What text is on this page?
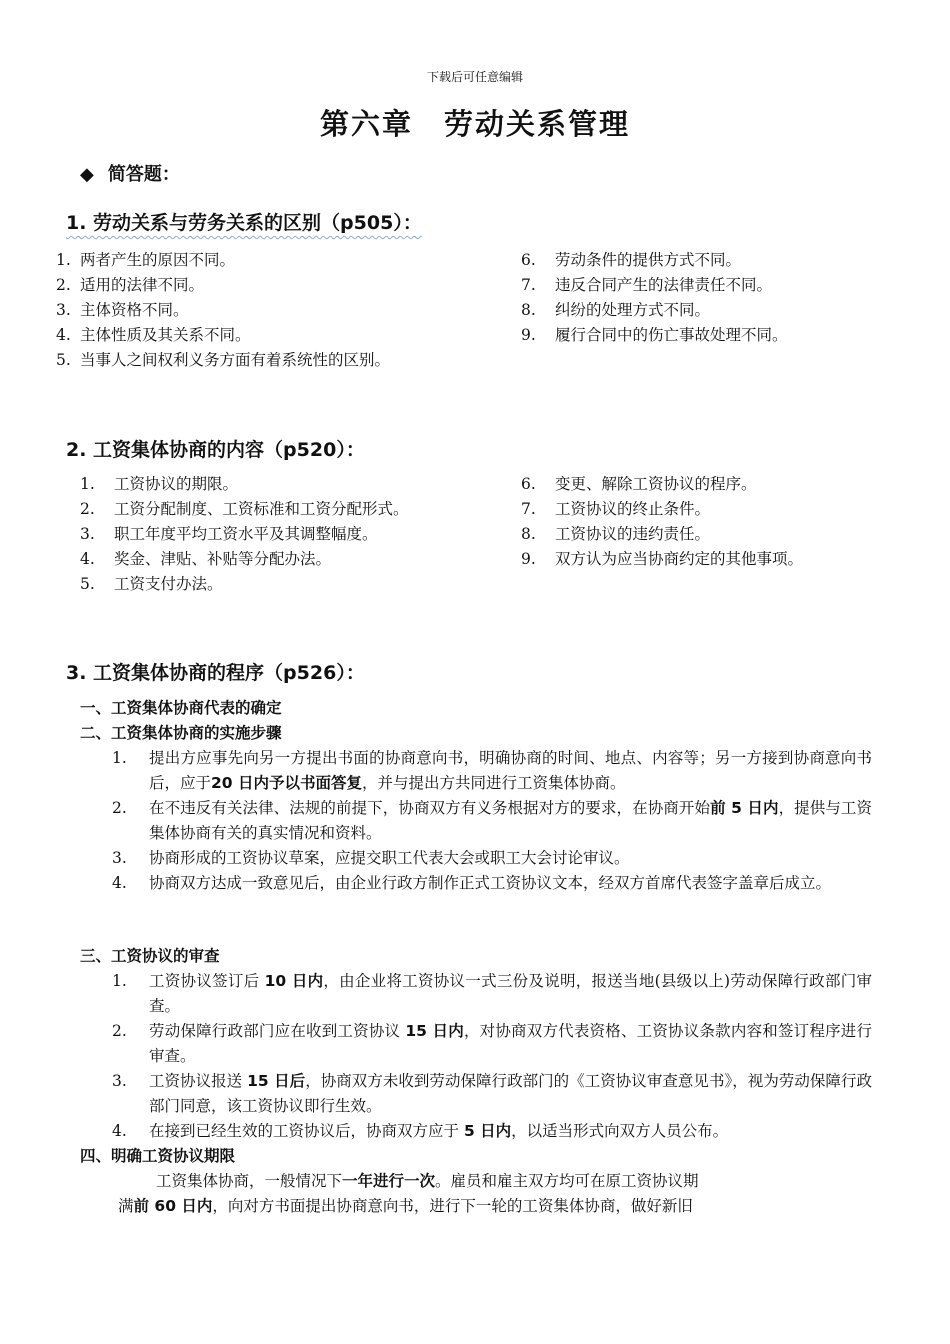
下载后可任意编辑
第六章　劳动关系管理
◆ 简答题：
1. 劳动关系与劳务关系的区别（p505）：
1. 两者产生的原因不同。
2. 适用的法律不同。
3. 主体资格不同。
4. 主体性质及其关系不同。
5. 当事人之间权利义务方面有着系统性的区别。
6. 劳动条件的提供方式不同。
7. 违反合同产生的法律责任不同。
8. 纠纷的处理方式不同。
9. 履行合同中的伤亡事故处理不同。
2. 工资集体协商的内容（p520）：
1. 工资协议的期限。
2. 工资分配制度、工资标准和工资分配形式。
3. 职工年度平均工资水平及其调整幅度。
4. 奖金、津贴、补贴等分配办法。
5. 工资支付办法。
6. 变更、解除工资协议的程序。
7. 工资协议的终止条件。
8. 工资协议的违约责任。
9. 双方认为应当协商约定的其他事项。
3. 工资集体协商的程序（p526）：
一、工资集体协商代表的确定
二、工资集体协商的实施步骤
1. 提出方应事先向另一方提出书面的协商意向书，明确协商的时间、地点、内容等；另一方接到协商意向书后，应于20 日内予以书面答复，并与提出方共同进行工资集体协商。
2. 在不违反有关法律、法规的前提下，协商双方有义务根据对方的要求，在协商开始前 5 日内，提供与工资集体协商有关的真实情况和资料。
3. 协商形成的工资协议草案，应提交职工代表大会或职工大会讨论审议。
4. 协商双方达成一致意见后，由企业行政方制作正式工资协议文本，经双方首席代表签字盖章后成立。
三、工资协议的审查
1. 工资协议签订后 10 日内，由企业将工资协议一式三份及说明，报送当地(县级以上)劳动保障行政部门审查。
2. 劳动保障行政部门应在收到工资协议 15 日内，对协商双方代表资格、工资协议条款内容和签订程序进行审查。
3. 工资协议报送 15 日后，协商双方未收到劳动保障行政部门的《工资协议审查意见书》，视为劳动保障行政部门同意，该工资协议即行生效。
4. 在接到已经生效的工资协议后，协商双方应于 5 日内，以适当形式向双方人员公布。
四、明确工资协议期限
工资集体协商，一般情况下一年进行一次。雇员和雇主双方均可在原工资协议期
满前 60 日内，向对方书面提出协商意向书，进行下一轮的工资集体协商，做好新旧
